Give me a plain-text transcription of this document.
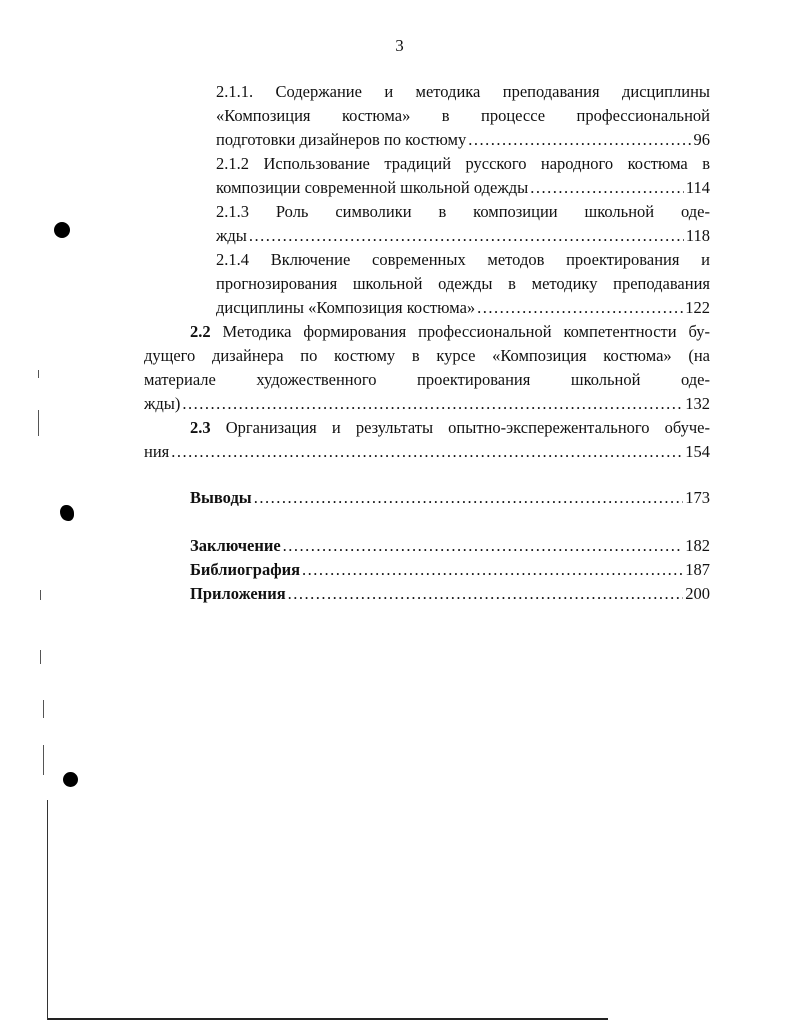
3
2.1.1. Содержание и методика преподавания дисциплины
«Композиция костюма» в процессе профессиональной
подготовки дизайнеров по костюму .....	96
2.1.2 Использование традиций русского народного костюма в
композиции современной школьной одежды .....	114
2.1.3 Роль символики в композиции школьной оде-
жды .....	118
2.1.4 Включение современных методов проектирования и
прогнозирования школьной одежды в методику преподавания
дисциплины «Композиция костюма» .....	122
2.2 Методика формирования профессиональной компетентности бу-
дущего дизайнера по костюму в курсе «Композиция костюма» (на
материале художественного проектирования школьной оде-
жды) .....	132
2.3 Организация и результаты опытно-экспережентального обуче-
ния .....	154
Выводы .....	173
Заключение .....	182
Библиография .....	187
Приложения .....	200
